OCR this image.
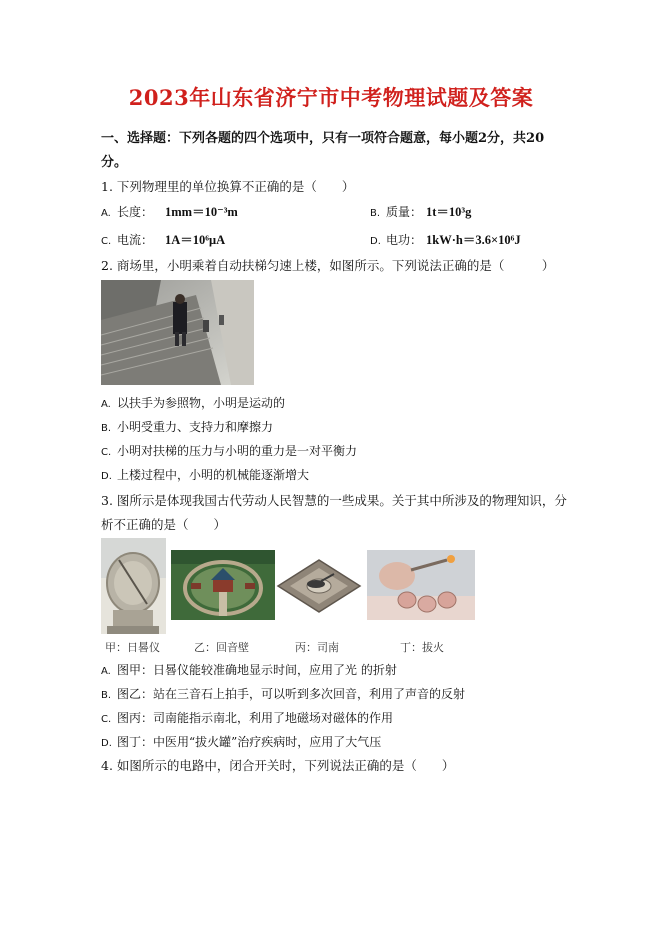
2023年山东省济宁市中考物理试题及答案
一、选择题：下列各题的四个选项中，只有一项符合题意，每小题2分，共20
分。
1. 下列物理里的单位换算不正确的是（　　）
A. 长度： 1mm＝10⁻³m	B. 质量： 1t＝10³g
C. 电流： 1A＝10⁶μA	D. 电功： 1kW·h＝3.6×10⁶J
2. 商场里，小明乘着自动扶梯匀速上楼，如图所示。下列说法正确的是（　　　）
A. 以扶手为参照物，小明是运动的
B. 小明受重力、支持力和摩擦力
C. 小明对扶梯的压力与小明的重力是一对平衡力
D. 上楼过程中，小明的机械能逐渐增大
3. 图所示是体现我国古代劳动人民智慧的一些成果。关于其中所涉及的物理知识，分
析不正确的是（　　）
甲：日晷仪	乙：回音壁	丙：司南	丁：拔火
A. 图甲：日晷仪能较准确地显示时间，应用了光 的折射
B. 图乙：站在三音石上拍手，可以听到多次回音，利用了声音的反射
C. 图丙：司南能指示南北，利用了地磁场对磁体的作用
D. 图丁：中医用“拔火罐”治疗疾病时，应用了大气压
4. 如图所示的电路中，闭合开关时，下列说法正确的是（　　）
